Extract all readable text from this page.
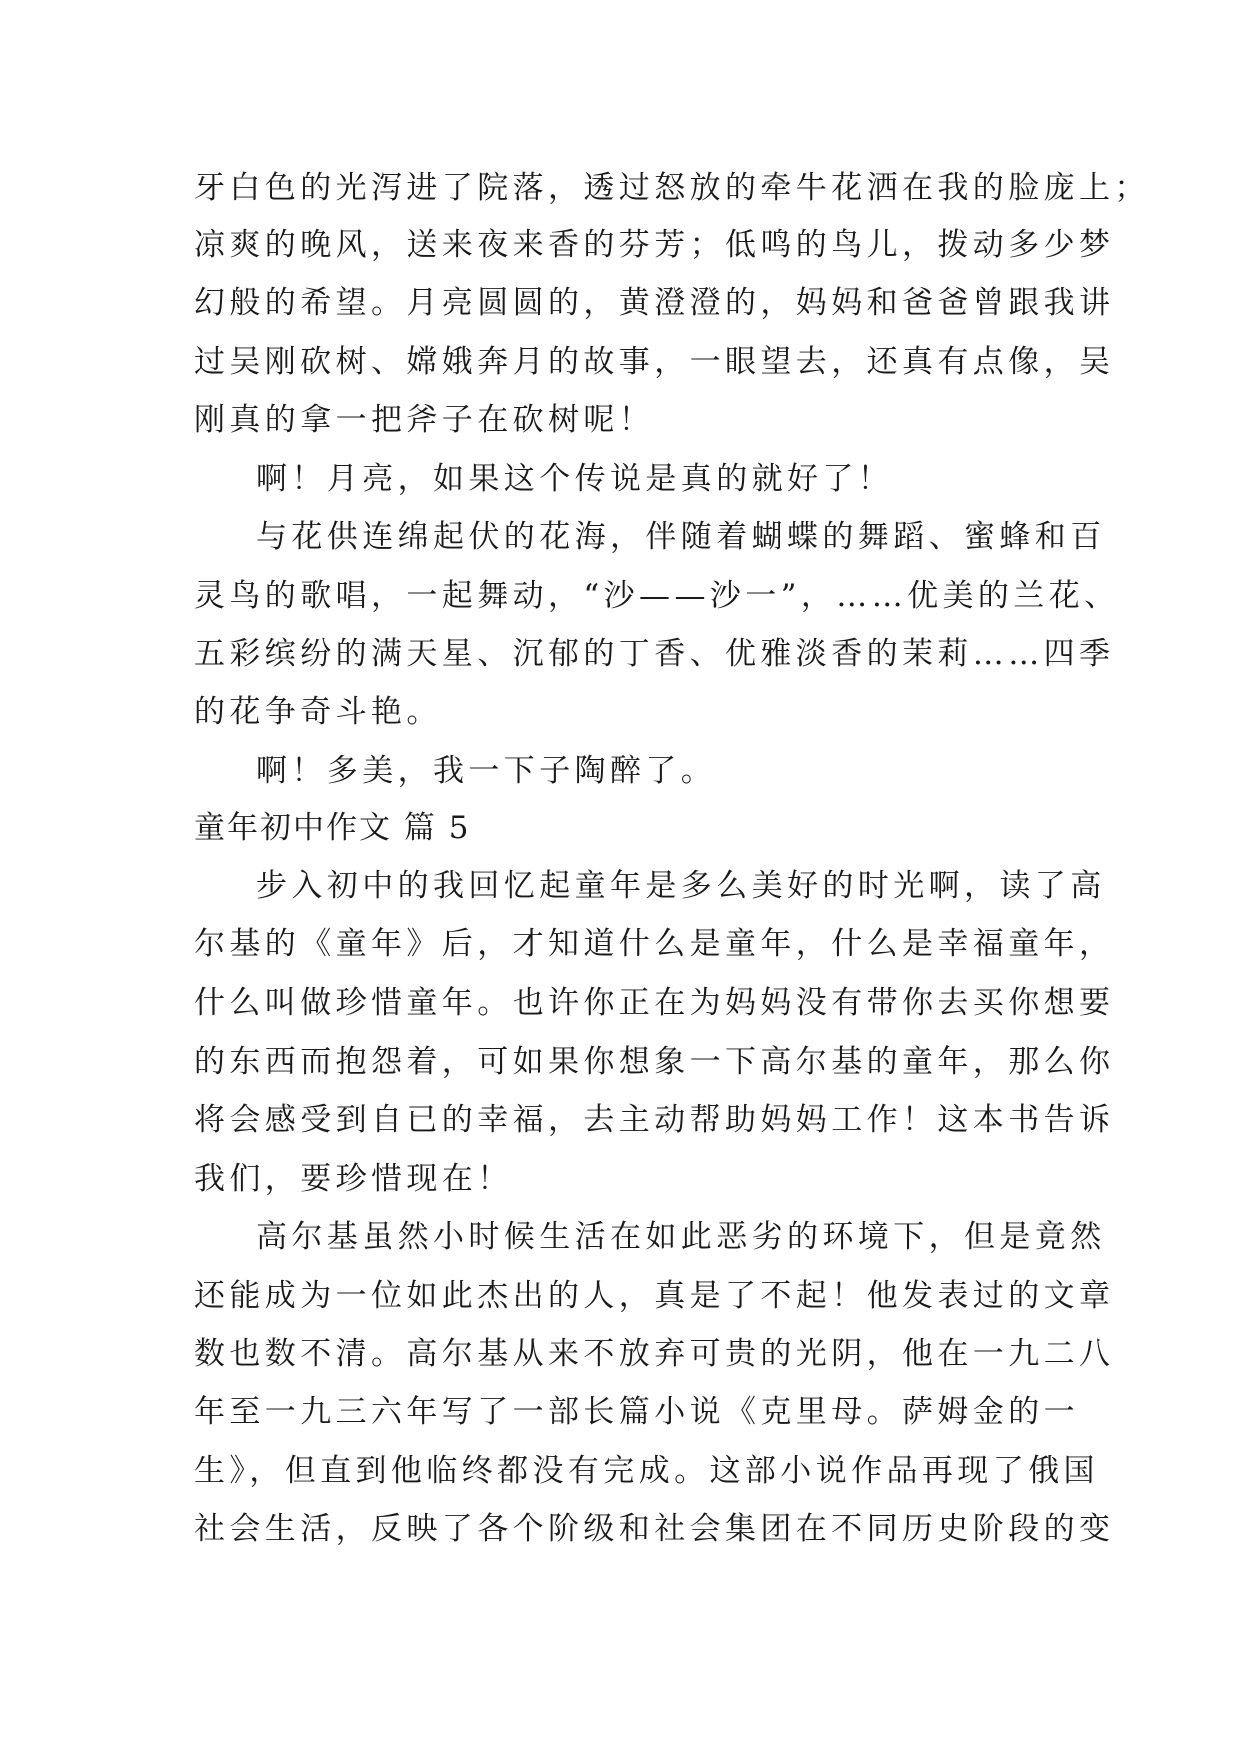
牙白色的光泻进了院落，透过怒放的牵牛花洒在我的脸庞上；
凉爽的晚风，送来夜来香的芬芳；低鸣的鸟儿，拨动多少梦
幻般的希望。月亮圆圆的，黄澄澄的，妈妈和爸爸曾跟我讲
过吴刚砍树、嫦娥奔月的故事，一眼望去，还真有点像，吴
刚真的拿一把斧子在砍树呢！
啊！月亮，如果这个传说是真的就好了！
与花供连绵起伏的花海，伴随着蝴蝶的舞蹈、蜜蜂和百
灵鸟的歌唱，一起舞动，“沙——沙一”，……优美的兰花、
五彩缤纷的满天星、沉郁的丁香、优雅淡香的茉莉……四季
的花争奇斗艳。
啊！多美，我一下子陶醉了。
童年初中作文 篇 5
步入初中的我回忆起童年是多么美好的时光啊，读了高
尔基的《童年》后，才知道什么是童年，什么是幸福童年，
什么叫做珍惜童年。也许你正在为妈妈没有带你去买你想要
的东西而抱怨着，可如果你想象一下高尔基的童年，那么你
将会感受到自已的幸福，去主动帮助妈妈工作！这本书告诉
我们，要珍惜现在！
高尔基虽然小时候生活在如此恶劣的环境下，但是竟然
还能成为一位如此杰出的人，真是了不起！他发表过的文章
数也数不清。高尔基从来不放弃可贵的光阴，他在一九二八
年至一九三六年写了一部长篇小说《克里母。萨姆金的一
生》，但直到他临终都没有完成。这部小说作品再现了俄国
社会生活，反映了各个阶级和社会集团在不同历史阶段的变
